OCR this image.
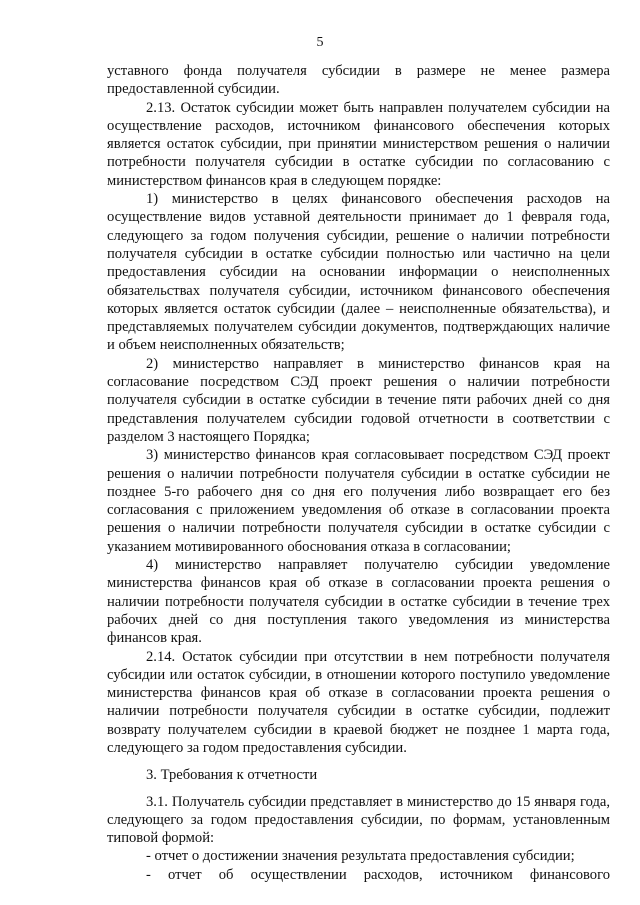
5

уставного фонда получателя субсидии в размере не менее размера предоставленной субсидии.

2.13. Остаток субсидии может быть направлен получателем субсидии на осуществление расходов, источником финансового обеспечения которых является остаток субсидии, при принятии министерством решения о наличии потребности получателя субсидии в остатке субсидии по согласованию с министерством финансов края в следующем порядке:

1) министерство в целях финансового обеспечения расходов на осуществление видов уставной деятельности принимает до 1 февраля года, следующего за годом получения субсидии, решение о наличии потребности получателя субсидии в остатке субсидии полностью или частично на цели предоставления субсидии на основании информации о неисполненных обязательствах получателя субсидии, источником финансового обеспечения которых является остаток субсидии (далее – неисполненные обязательства), и представляемых получателем субсидии документов, подтверждающих наличие и объем неисполненных обязательств;

2) министерство направляет в министерство финансов края на согласование посредством СЭД проект решения о наличии потребности получателя субсидии в остатке субсидии в течение пяти рабочих дней со дня представления получателем субсидии годовой отчетности в соответствии с разделом 3 настоящего Порядка;

3) министерство финансов края согласовывает посредством СЭД проект решения о наличии потребности получателя субсидии в остатке субсидии не позднее 5-го рабочего дня со дня его получения либо возвращает его без согласования с приложением уведомления об отказе в согласовании проекта решения о наличии потребности получателя субсидии в остатке субсидии с указанием мотивированного обоснования отказа в согласовании;

4) министерство направляет получателю субсидии уведомление министерства финансов края об отказе в согласовании проекта решения о наличии потребности получателя субсидии в остатке субсидии в течение трех рабочих дней со дня поступления такого уведомления из министерства финансов края.

2.14. Остаток субсидии при отсутствии в нем потребности получателя субсидии или остаток субсидии, в отношении которого поступило уведомление министерства финансов края об отказе в согласовании проекта решения о наличии потребности получателя субсидии в остатке субсидии, подлежит возврату получателем субсидии в краевой бюджет не позднее 1 марта года, следующего за годом предоставления субсидии.

3. Требования к отчетности

3.1. Получатель субсидии представляет в министерство до 15 января года, следующего за годом предоставления субсидии, по формам, установленным типовой формой:

- отчет о достижении значения результата предоставления субсидии;

- отчет об осуществлении расходов, источником финансового
